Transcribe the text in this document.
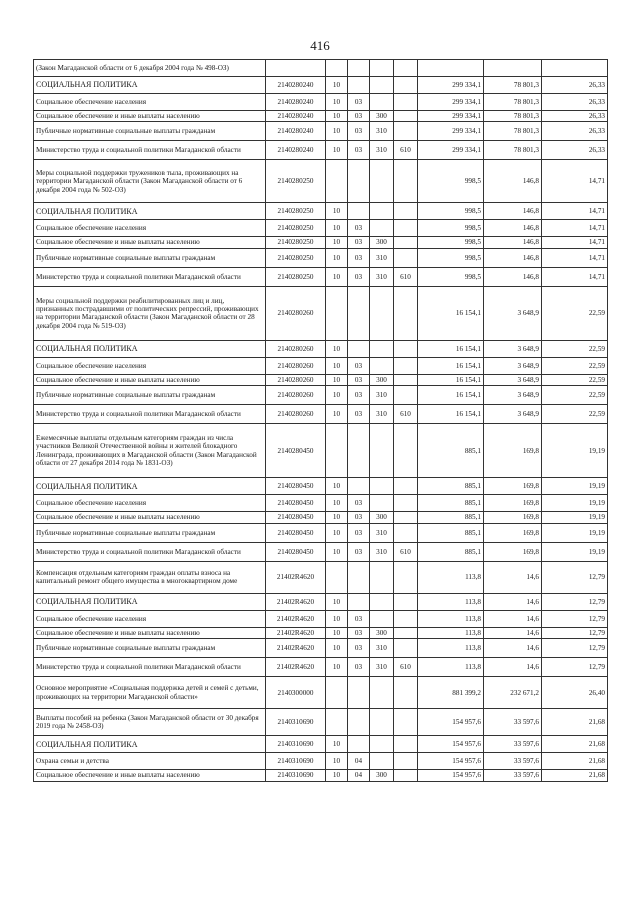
416
(Закон Магаданской области от 6 декабря 2004 года № 498-ОЗ)								
СОЦИАЛЬНАЯ ПОЛИТИКА	2140280240	10				299 334,1	78 801,3	26,33
Социальное обеспечение населения	2140280240	10	03			299 334,1	78 801,3	26,33
Социальное обеспечение и иные выплаты населению	2140280240	10	03	300		299 334,1	78 801,3	26,33
Публичные нормативные социальные выплаты гражданам	2140280240	10	03	310		299 334,1	78 801,3	26,33
Министерство труда и социальной политики Магаданской области	2140280240	10	03	310	610	299 334,1	78 801,3	26,33
Меры социальной поддержки тружеников тыла, проживающих на территории Магаданской области (Закон Магаданской области от 6 декабря 2004 года № 502-ОЗ)	2140280250					998,5	146,8	14,71
СОЦИАЛЬНАЯ ПОЛИТИКА	2140280250	10				998,5	146,8	14,71
Социальное обеспечение населения	2140280250	10	03			998,5	146,8	14,71
Социальное обеспечение и иные выплаты населению	2140280250	10	03	300		998,5	146,8	14,71
Публичные нормативные социальные выплаты гражданам	2140280250	10	03	310		998,5	146,8	14,71
Министерство труда и социальной политики Магаданской области	2140280250	10	03	310	610	998,5	146,8	14,71
Меры социальной поддержки реабилитированных лиц и лиц, признанных пострадавшими от политических репрессий, проживающих на территории Магаданской области (Закон Магаданской области от 28 декабря 2004 года № 519-ОЗ)	2140280260					16 154,1	3 648,9	22,59
СОЦИАЛЬНАЯ ПОЛИТИКА	2140280260	10				16 154,1	3 648,9	22,59
Социальное обеспечение населения	2140280260	10	03			16 154,1	3 648,9	22,59
Социальное обеспечение и иные выплаты населению	2140280260	10	03	300		16 154,1	3 648,9	22,59
Публичные нормативные социальные выплаты гражданам	2140280260	10	03	310		16 154,1	3 648,9	22,59
Министерство труда и социальной политики Магаданской области	2140280260	10	03	310	610	16 154,1	3 648,9	22,59
Ежемесячные выплаты отдельным категориям граждан из числа участников Великой Отечественной войны и жителей блокадного Ленинграда, проживающих в Магаданской области (Закон Магаданской области от 27 декабря 2014 года № 1831-ОЗ)	2140280450					885,1	169,8	19,19
СОЦИАЛЬНАЯ ПОЛИТИКА	2140280450	10				885,1	169,8	19,19
Социальное обеспечение населения	2140280450	10	03			885,1	169,8	19,19
Социальное обеспечение и иные выплаты населению	2140280450	10	03	300		885,1	169,8	19,19
Публичные нормативные социальные выплаты гражданам	2140280450	10	03	310		885,1	169,8	19,19
Министерство труда и социальной политики Магаданской области	2140280450	10	03	310	610	885,1	169,8	19,19
Компенсация отдельным категориям граждан оплаты взноса на капитальный ремонт общего имущества в многоквартирном доме	21402R4620					113,8	14,6	12,79
СОЦИАЛЬНАЯ ПОЛИТИКА	21402R4620	10				113,8	14,6	12,79
Социальное обеспечение населения	21402R4620	10	03			113,8	14,6	12,79
Социальное обеспечение и иные выплаты населению	21402R4620	10	03	300		113,8	14,6	12,79
Публичные нормативные социальные выплаты гражданам	21402R4620	10	03	310		113,8	14,6	12,79
Министерство труда и социальной политики Магаданской области	21402R4620	10	03	310	610	113,8	14,6	12,79
Основное мероприятие «Социальная поддержка детей и семей с детьми, проживающих на территории Магаданской области»	2140300000					881 399,2	232 671,2	26,40
Выплаты пособий на ребенка (Закон Магаданской области от 30 декабря 2019 года № 2458-ОЗ)	2140310690					154 957,6	33 597,6	21,68
СОЦИАЛЬНАЯ ПОЛИТИКА	2140310690	10				154 957,6	33 597,6	21,68
Охрана семьи и детства	2140310690	10	04			154 957,6	33 597,6	21,68
Социальное обеспечение и иные выплаты населению	2140310690	10	04	300		154 957,6	33 597,6	21,68
